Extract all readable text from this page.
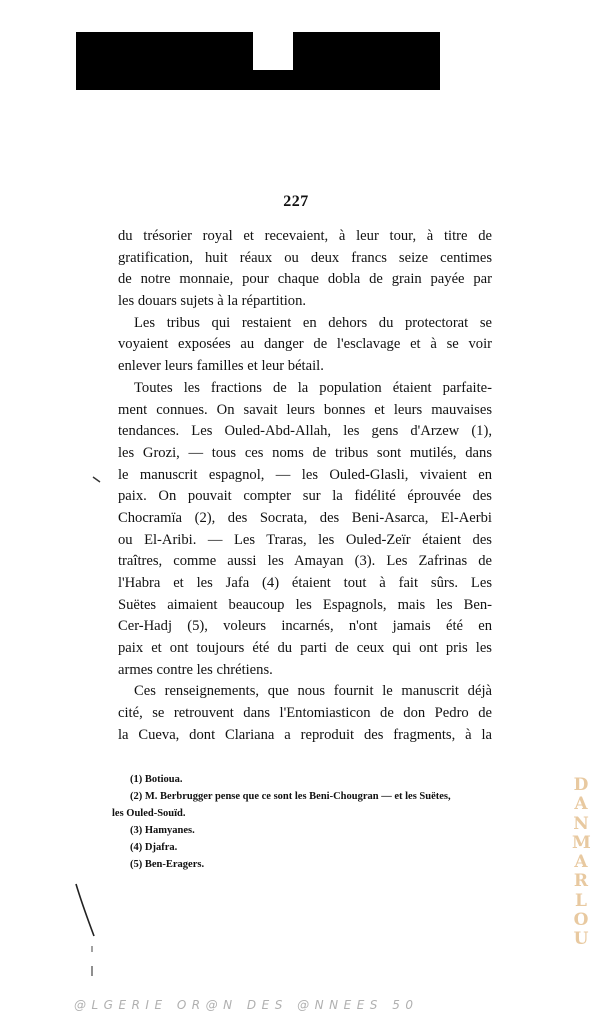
227
du trésorier royal et recevaient, à leur tour, à titre de
gratification, huit réaux ou deux francs seize centimes
de notre monnaie, pour chaque dobla de grain payée par
les douars sujets à la répartition.
Les tribus qui restaient en dehors du protectorat se
voyaient exposées au danger de l'esclavage et à se voir
enlever leurs familles et leur bétail.
Toutes les fractions de la population étaient parfaite-
ment connues. On savait leurs bonnes et leurs mauvaises
tendances. Les Ouled-Abd-Allah, les gens d'Arzew (1),
les Grozi, — tous ces noms de tribus sont mutilés, dans
le manuscrit espagnol, — les Ouled-Glasli, vivaient en
paix. On pouvait compter sur la fidélité éprouvée des
Chocramïa (2), des Socrata, des Beni-Asarca, El-Aerbi
ou El-Aribi. — Les Traras, les Ouled-Zeïr étaient des
traîtres, comme aussi les Amayan (3). Les Zafrinas de
l'Habra et les Jafa (4) étaient tout à fait sûrs. Les
Suëtes aimaient beaucoup les Espagnols, mais les Ben-
Cer-Hadj (5), voleurs incarnés, n'ont jamais été en
paix et ont toujours été du parti de ceux qui ont pris les
armes contre les chrétiens.
Ces renseignements, que nous fournit le manuscrit déjà
cité, se retrouvent dans l'Entomiasticon de don Pedro de
la Cueva, dont Clariana a reproduit des fragments, à la
(1) Botioua.
(2) M. Berbrugger pense que ce sont les Beni-Chougran — et les Suëtes,
les Ouled-Souïd.
(3) Hamyanes.
(4) Djafra.
(5) Ben-Eragers.
D
A
N
M
A
R
L
O
U
@LGERIE OR@N DES @NNEES 50
